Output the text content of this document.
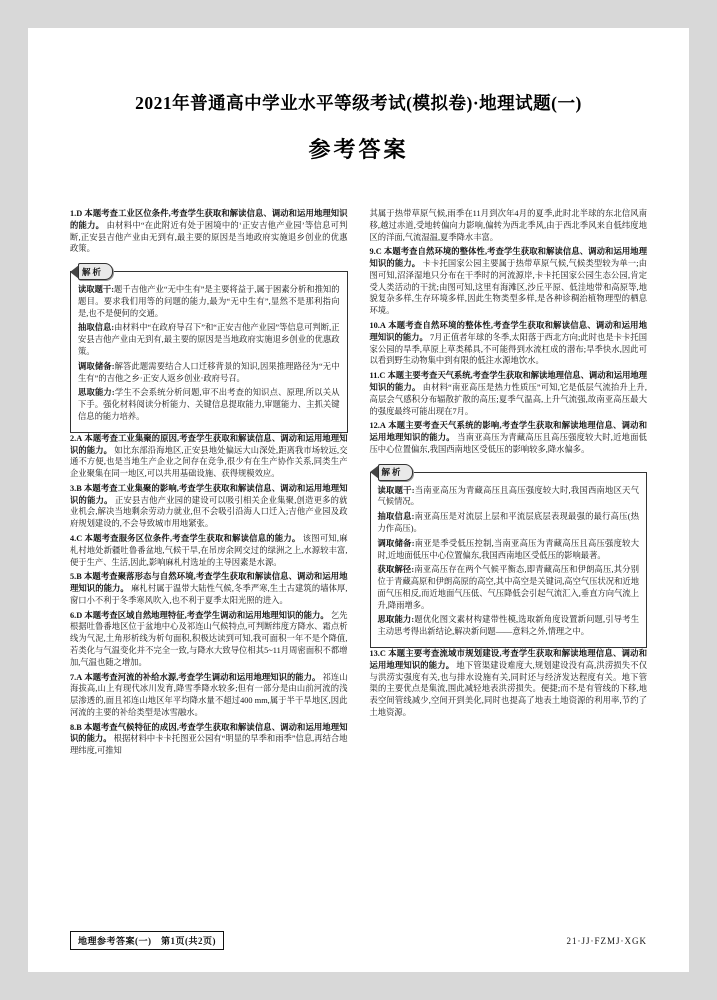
2021年普通高中学业水平等级考试(模拟卷)·地理试题(一)
参考答案
1.D 本题考查工业区位条件,考查学生获取和解读信息、调动和运用地理知识的能力。 由材料中“在此附近有处于困境中的‘正安吉他产业园’等信息可判断,正安县吉他产业由无到有,最主要的原因是当地政府实施退乡创业的优惠政策。
解析

读取题干:题千吉他产业“无中生有”是主要将益于,属于困素分析和推知的题目。要求我们用等的问题的能力,最为“无中生有”,显然不是那利指向是,也不是便何的交通。

抽取信息:由材料中“在政府导召下”和“正安吉他产业园”等信息可判断,正安县吉他产业由无到有,最主要的原因是当地政府实施退乡创业的优惠政策。

调取储备:解答此题需要结合人口迁移背景的知识,因果推理路径为“无中生有”的吉他之乡·正安人返乡创业·政府号召。

思取能力:学生不会系统分析问题,审不出考查的知识点、原理,所以关从下手。强化材料阅读分析能力、关键信息提取能力,审题能力、主抓关键信息的能力培养。

2.A 本题考查工业集聚的原因,考查学生获取和解读信息、调动和运用地理知识的能力。 如比东部沿海地区,正安县地处偏远大山深处,距离我市场较远,交通不方便,也是当地生产企业之间存在竞争,很少有在生产协作关系,同类生产企业聚集在同一地区,可以共用基础设施、获得规模效应。
3.B 本题考查工业集聚的影响,考查学生获取和解读信息、调动和运用地理知识的能力。 正安县吉他产业园的建设可以吸引相关企业集聚,创造更多的就业机会,解决当地剩余劳动力就业,但不会吸引沿海人口迁入;吉他产业园及政府规划建设的,不会导致城市用地紧张。
4.C 本题考查服务区位条件,考查学生获取和解读信息的能力。 该图可知,麻札村地处新疆吐鲁番盆地,气候干旱,在吊房余网交过的绿洲之上,水源较丰富,便于生产、生活,因此,影响麻札村选址的主导因素是水源。
5.B 本题考查聚落形态与自然环境,考查学生获取和解读信息、调动和运用地理知识的能力。 麻札村属于温带大陆性气候,冬季严寒,生土古建筑的墙体厚,窗口小不利于冬季寒风吹入,也不利于夏季太阳光照的进入。
6.D 本题考查区域自然地理特征,考查学生调动和运用地理知识的能力。 乞先根据吐鲁番地区位于盆地中心及祁连山气候特点,可判断纬度方降水、霜点析线为气泥,土角形析线为析句面积,积极达读到可知,我可面积一年不是个降值,若类化与气温变化并不完全一致,与降水大致导位相其5~11月周密面积不都增加,气温也随之增加。
7.A 本题考查河流的补给水源,考查学生调动和运用地理知识的能力。 祁连山海拔高,山上有现代冰川发育,降雪季降水较多;但有一部分是由山前河流的浅层渗透的,面且祁连山地区年平均降水量不超过400 mm,属于半干旱地区,因此河流的主要的补给类型是冰雪融水。
8.B 本题考查气候特征的成因,考查学生获取和解读信息、调动和运用地理知识的能力。 根据材料中卡卡托图亚公园有“明显的早季和雨季”信息,再结合地理纬度,可推知
其属于热带草原气候,雨季在11月到次年4月的夏季,此时北半球的东北信风南移,越过赤道,受地转偏向力影响,偏转为西北季风,由于西北季风来自低纬度地区的洋面,气流湿温,夏季降水丰富。
9.C 本题考查自然环境的整体性,考查学生获取和解读信息、调动和运用地理知识的能力。 卡卡托国家公园主要属于热带草原气候,气候类型较为单一;由图可知,沼泽湿地只分布在干季时的河流源岸,卡卡托国家公园生态公园,肯定受人类活动的干扰;由图可知,这里有海滩区,沙丘平原、低洼地带和高原等,地貌复杂多样,生存环境多样,因此生物类型多样,是各种诊稠治植物理型的栖息环境。
10.A 本题考查自然环境的整体性,考查学生获取和解读信息、调动和运用地理知识的能力。 7月正值者年球的冬季,太阳落于西北方向;此时也是卡卡托国家公园的旱季,草原上草类稀具,不可能得到水流杠成的潜布;旱季快水,因此可以看到野生动物集中到有限的低注水源地饮水。
11.C 本题主要考查天气系统,考查学生获取和解读地理信息、调动和运用地理知识的能力。 由材料“南亚高压是热力性质压”可知,它是低层气流抬升上升,高层会气感积分布辐散扩散的高压;夏季气温高,上升气流强,故南亚高压最大的强度最终可能出现在7月。
12.A 本题主要考查天气系统的影响,考查学生获取和解读地理信息、调动和运用地理知识的能力。 当南亚高压为青藏高压且高压强度较大时,近地面低压中心位置偏东,我国西南地区受低压的影响较多,降水偏多。
解析

读取题干:当南亚高压为青藏高压且高压强度较大时,我国西南地区天气气候情况。

抽取信息:南亚高压是对流层上层和平流层底层表现最强的最行高压(热力作高压)。

调取储备:南亚是季受低压控制,当南亚高压为青藏高压且高压强度较大时,近地面低压中心位置偏东,我国西南地区受低压的影响最著。

获取解径:南亚高压存在两个气候平衡态,即青藏高压和伊朗高压,其分别位于青藏高原和伊朗高原的高空,其中高空是关键词,高空气压状况和近地面气压相反,而近地面气压低、气压降低会引起气流汇入,垂直方向气流上升,降雨增多。

思取能力:题优化图文素材构建带性模,选取新角度设置新问题,引导考生主动思考得出新结论,解决新问题——意料之外,情理之中。

13.C 本题主要考查流域市规划建设,考查学生获取和解读地理信息、调动和运用地理知识的能力。 地下管渠建设难度大,规划建设没有高,洪涝损失不仅与洪涝实强度有关,也与排水设施有关,同时还与经济发达程度有关。地下管渠的主要优点是集流,围此减轻地表洪涝损失。便捷;而不是有管线的下移,地表空间管线减少,空间开到美化,同时也提高了地表土地资源的利用率,节约了土地资源。
地理参考答案(一)　第1页(共2页)	21·JJ·FZMJ·XGK
